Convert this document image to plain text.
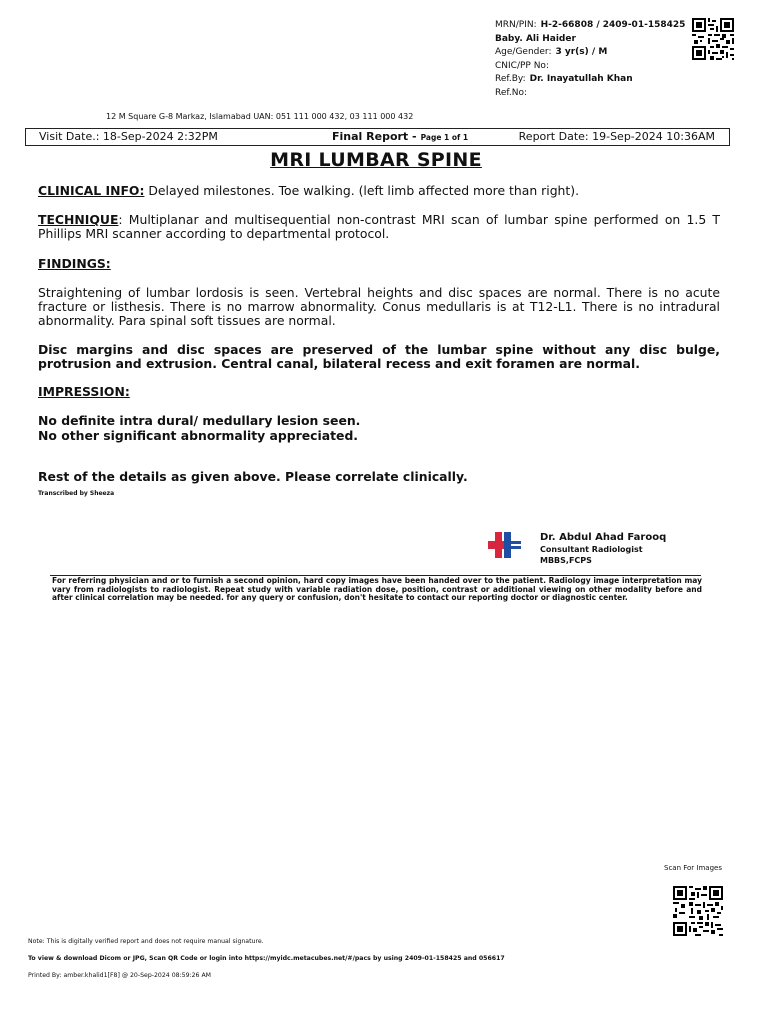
MRN/PIN: H-2-66808 / 2409-01-158425
Baby. Ali Haider
Age/Gender: 3 yr(s) / M
CNIC/PP No:
Ref.By: Dr. Inayatullah Khan
Ref.No:
12 M Square G-8 Markaz, Islamabad UAN: 051 111 000 432, 03 111 000 432
Visit Date.: 18-Sep-2024 2:32PM	Final Report - Page 1 of 1	Report Date: 19-Sep-2024 10:36AM
MRI LUMBAR SPINE
CLINICAL INFO: Delayed milestones. Toe walking. (left limb affected more than right).
TECHNIQUE: Multiplanar and multisequential non-contrast MRI scan of lumbar spine performed on 1.5 T Phillips MRI scanner according to departmental protocol.
FINDINGS:
Straightening of lumbar lordosis is seen. Vertebral heights and disc spaces are normal. There is no acute fracture or listhesis. There is no marrow abnormality. Conus medullaris is at T12-L1. There is no intradural abnormality. Para spinal soft tissues are normal.
Disc margins and disc spaces are preserved of the lumbar spine without any disc bulge, protrusion and extrusion. Central canal, bilateral recess and exit foramen are normal.
IMPRESSION:
No definite intra dural/ medullary lesion seen.
No other significant abnormality appreciated.
Rest of the details as given above. Please correlate clinically.
Transcribed by Sheeza
Dr. Abdul Ahad Farooq
Consultant Radiologist
MBBS,FCPS
For referring physician and or to furnish a second opinion, hard copy images have been handed over to the patient. Radiology image interpretation may vary from radiologists to radiologist. Repeat study with variable radiation dose, position, contrast or additional viewing on other modality before and after clinical correlation may be needed. for any query or confusion, don't hesitate to contact our reporting doctor or diagnostic center.
Scan For Images
Note: This is digitally verified report and does not require manual signature.
To view & download Dicom or JPG, Scan QR Code or login into https://myidc.metacubes.net/#/pacs by using 2409-01-158425 and 056617
Printed By: amber.khalid1[F8] @ 20-Sep-2024 08:59:26 AM
